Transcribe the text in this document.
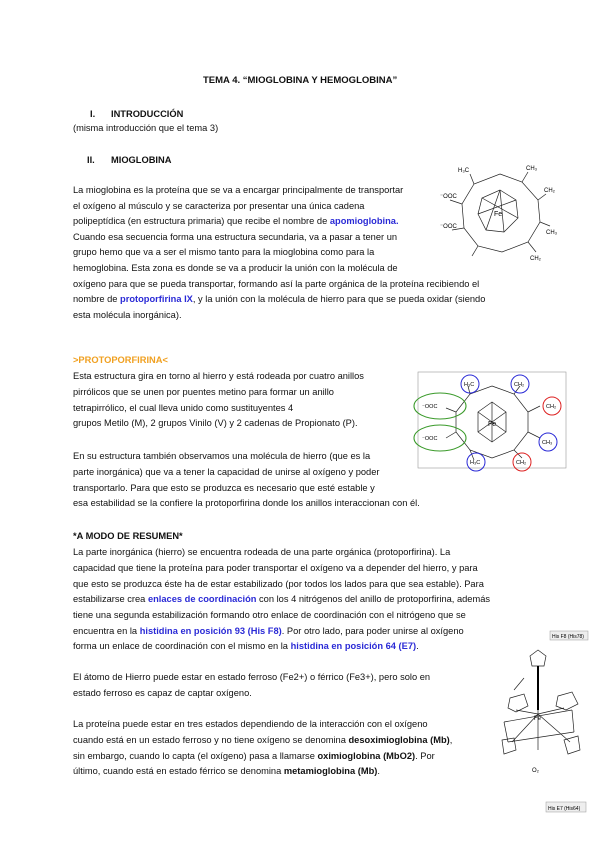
TEMA 4. “MIOGLOBINA Y HEMOGLOBINA”
I. INTRODUCCIÓN
(misma introducción que el tema 3)
II. MIOGLOBINA
La mioglobina es la proteína que se va a encargar principalmente de transportar
el oxígeno al músculo y se caracteriza por presentar una única cadena
polipeptídica (en estructura primaria) que recibe el nombre de apomioglobina.
Cuando esa secuencia forma una estructura secundaria, va a pasar a tener un
grupo hemo que va a ser el mismo tanto para la mioglobina como para la
hemoglobina. Esta zona es donde se va a producir la unión con la molécula de
oxígeno para que se pueda transportar, formando así la parte orgánica de la proteína recibiendo el
nombre de protoporfirina IX, y la unión con la molécula de hierro para que se pueda oxidar (siendo
esta molécula inorgánica).
Fe
H₃C	CH₃
CH₂
CH₃
⁻OOC
⁻OOC
CH₂
>PROTOPORFIRINA<
Esta estructura gira en torno al hierro y está rodeada por cuatro anillos
pirrólicos que se unen por puentes metino para formar un anillo
tetrapirrólico, el cual lleva unido como sustituyentes 4
grupos Metilo (M), 2 grupos Vinilo (V) y 2 cadenas de Propionato (P).
En su estructura también observamos una molécula de hierro (que es la
parte inorgánica) que va a tener la capacidad de unirse al oxígeno y poder
transportarlo. Para que esto se produzca es necesario que esté estable y
esa estabilidad se la confiere la protoporfirina donde los anillos interaccionan con él.
Fe
H₃C	CH₂
CH₂
CH₃
H₃C	CH₂
⁻OOC
⁻OOC
*A MODO DE RESUMEN*
La parte inorgánica (hierro) se encuentra rodeada de una parte orgánica (protoporfirina). La
capacidad que tiene la proteína para poder transportar el oxígeno va a depender del hierro, y para
que esto se produzca éste ha de estar estabilizado (por todos los lados para que sea estable). Para
estabilizarse crea enlaces de coordinación con los 4 nitrógenos del anillo de protoporfirina, además
tiene una segunda estabilización formando otro enlace de coordinación con el nitrógeno que se
encuentra en la histidina en posición 93 (His F8). Por otro lado, para poder unirse al oxígeno
forma un enlace de coordinación con el mismo en la histidina en posición 64 (E7).
El átomo de Hierro puede estar en estado ferroso (Fe2+) o férrico (Fe3+), pero solo en
estado ferroso es capaz de captar oxígeno.
La proteína puede estar en tres estados dependiendo de la interacción con el oxígeno
cuando está en un estado ferroso y no tiene oxígeno se denomina desoximioglobina (Mb),
sin embargo, cuando lo capta (el oxígeno) pasa a llamarse oximioglobina (MbO2). Por
último, cuando está en estado férrico se denomina metamioglobina (Mb).
His F8 (His78)
Fe
O₂
His E7 (His64)
